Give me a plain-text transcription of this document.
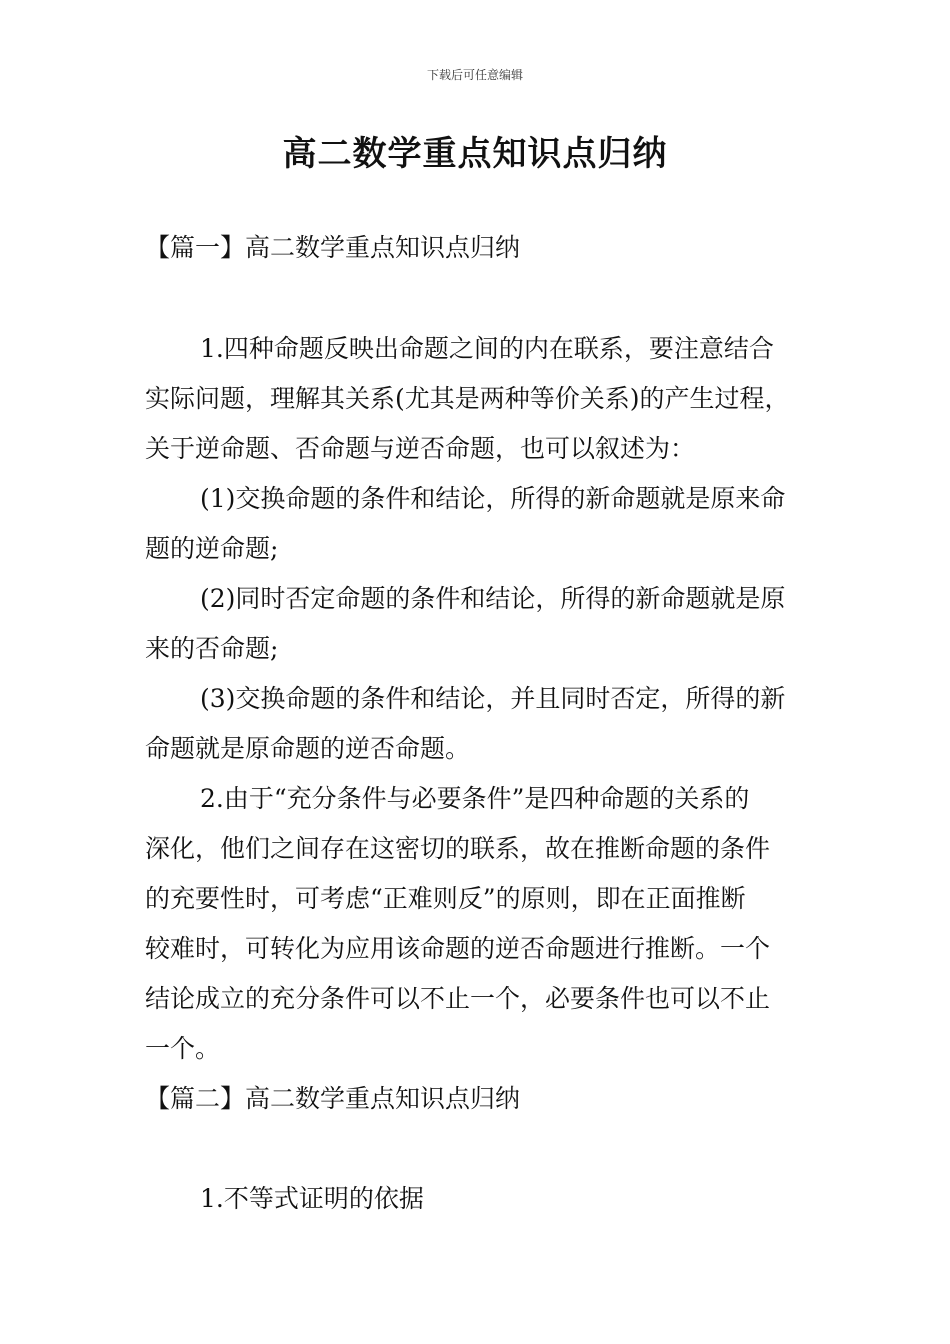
下载后可任意编辑
高二数学重点知识点归纳
【篇一】高二数学重点知识点归纳
1.四种命题反映出命题之间的内在联系，要注意结合
实际问题，理解其关系(尤其是两种等价关系)的产生过程，
关于逆命题、否命题与逆否命题，也可以叙述为：
(1)交换命题的条件和结论，所得的新命题就是原来命
题的逆命题;
(2)同时否定命题的条件和结论，所得的新命题就是原
来的否命题;
(3)交换命题的条件和结论，并且同时否定，所得的新
命题就是原命题的逆否命题。
2.由于“充分条件与必要条件”是四种命题的关系的
深化，他们之间存在这密切的联系，故在推断命题的条件
的充要性时，可考虑“正难则反”的原则，即在正面推断
较难时，可转化为应用该命题的逆否命题进行推断。一个
结论成立的充分条件可以不止一个，必要条件也可以不止
一个。
【篇二】高二数学重点知识点归纳
1.不等式证明的依据
